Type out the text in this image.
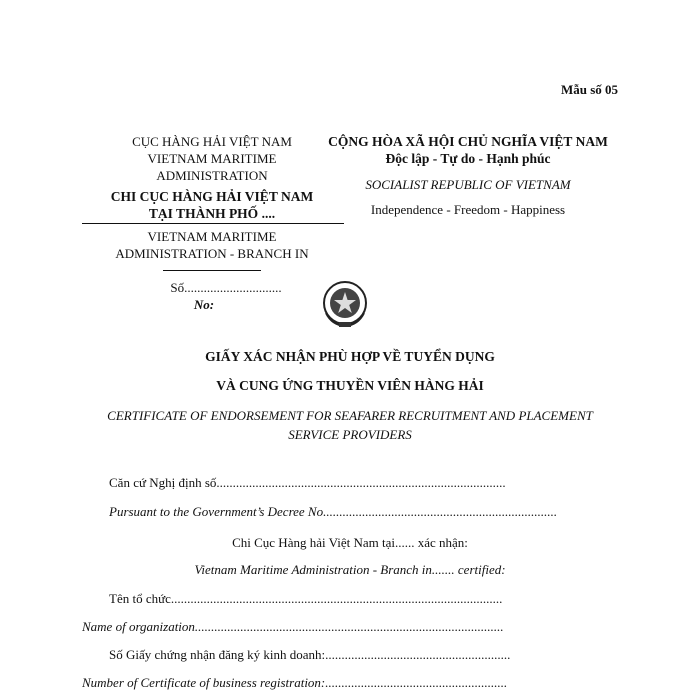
Mẫu số 05
CỤC HÀNG HẢI VIỆT NAM
VIETNAM MARITIME
ADMINISTRATION
CHI CỤC HÀNG HẢI VIỆT NAM
TẠI THÀNH PHỐ ....
VIETNAM MARITIME
ADMINISTRATION - BRANCH IN
Số..............................
No:
CỘNG HÒA XÃ HỘI CHỦ NGHĨA VIỆT NAM
Độc lập - Tự do - Hạnh phúc
SOCIALIST REPUBLIC OF VIETNAM
Independence - Freedom - Happiness
GIẤY XÁC NHẬN PHÙ HỢP VỀ TUYỂN DỤNG
VÀ CUNG ỨNG THUYỀN VIÊN HÀNG HẢI
CERTIFICATE OF ENDORSEMENT FOR SEAFARER RECRUITMENT AND PLACEMENT
SERVICE PROVIDERS
Căn cứ Nghị định số.........................................................................................
Pursuant to the Government’s Decree No........................................................................
Chi Cục Hàng hải Việt Nam tại...... xác nhận:
Vietnam Maritime Administration - Branch in....... certified:
Tên tổ chức......................................................................................................
Name of organization...............................................................................................
Số Giấy chứng nhận đăng ký kinh doanh:.........................................................
Number of Certificate of business registration:........................................................
